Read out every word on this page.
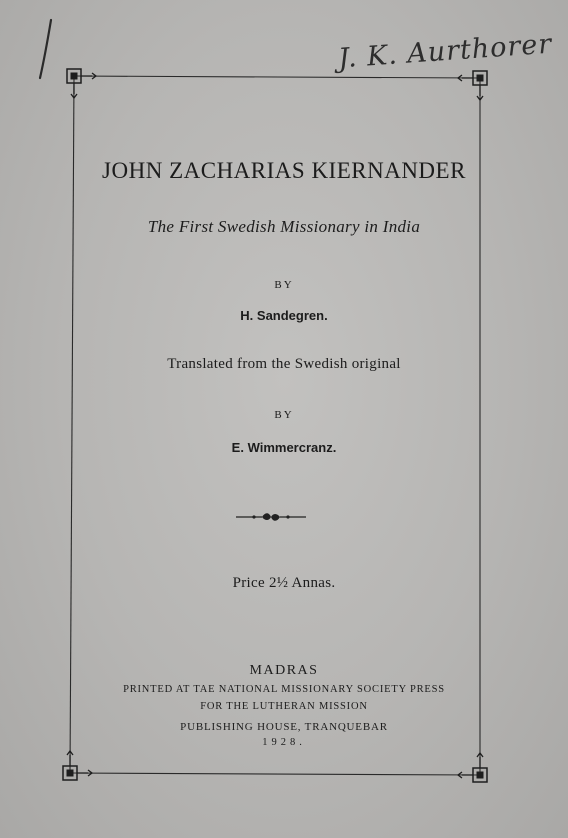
J. K. Aurthorer
JOHN ZACHARIAS KIERNANDER
The First Swedish Missionary in India
BY
H. Sandegren.
Translated from the Swedish original
BY
E. Wimmercranz.
Price 2½ Annas.
MADRAS
PRINTED AT TAE NATIONAL MISSIONARY SOCIETY PRESS
FOR THE LUTHERAN MISSION
PUBLISHING HOUSE, TRANQUEBAR
1928.
